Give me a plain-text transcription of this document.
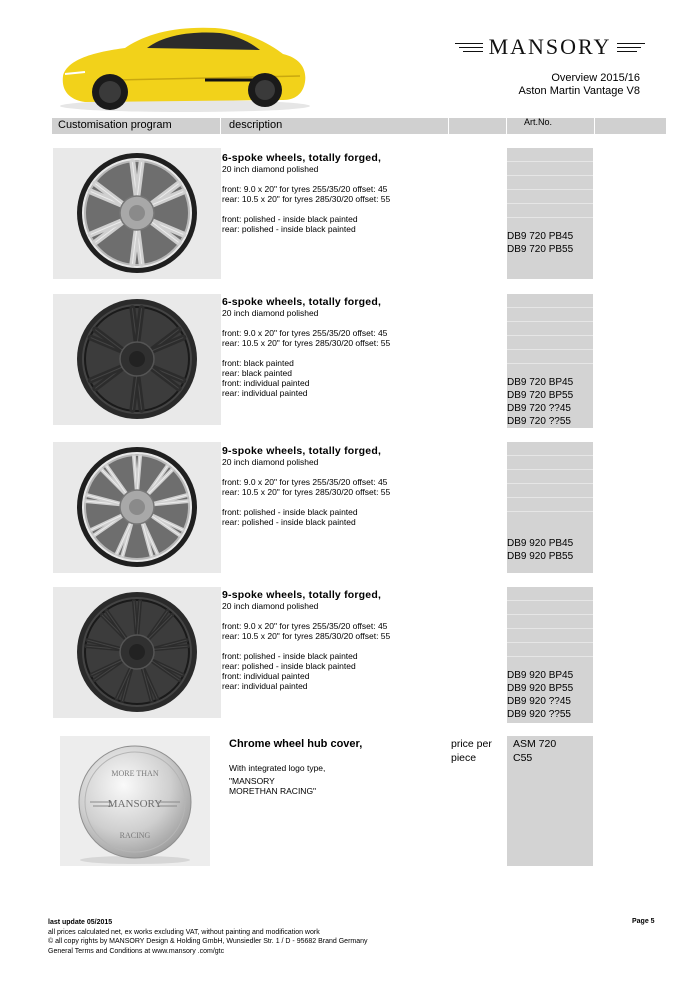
MANSORY
Overview 2015/16
Aston Martin Vantage V8
Customisation program	description	Art.No.
6-spoke wheels, totally forged,
20 inch diamond polished
front: 9.0 x 20" for tyres 255/35/20 offset: 45
rear: 10.5 x 20" for tyres 285/30/20 offset: 55
front: polished - inside black painted
rear: polished - inside black painted
DB9 720 PB45
DB9 720 PB55
6-spoke wheels, totally forged,
20 inch diamond polished
front: 9.0 x 20" for tyres 255/35/20 offset: 45
rear: 10.5 x 20" for tyres 285/30/20 offset: 55
front: black painted
rear: black painted
front: individual painted
rear: individual painted
DB9 720 BP45
DB9 720 BP55
DB9 720 ??45
DB9 720 ??55
9-spoke wheels, totally forged,
20 inch diamond polished
front: 9.0 x 20" for tyres 255/35/20 offset: 45
rear: 10.5 x 20" for tyres 285/30/20 offset: 55
front: polished - inside black painted
rear: polished - inside black painted
DB9 920 PB45
DB9 920 PB55
9-spoke wheels, totally forged,
20 inch diamond polished
front: 9.0 x 20" for tyres 255/35/20 offset: 45
rear: 10.5 x 20" for tyres 285/30/20 offset: 55
front: polished - inside black painted
rear: polished - inside black painted
front: individual painted
rear: individual painted
DB9 920 BP45
DB9 920 BP55
DB9 920 ??45
DB9 920 ??55
MORE THAN
MANSORY
RACING
Chrome wheel hub cover,
With integrated logo type,
"MANSORY
MORETHAN RACING"
price per
piece
ASM 720
C55
last update 05/2015
all prices calculated net, ex works excluding VAT, without painting and modification work
© all copy rights by MANSORY Design & Holding GmbH, Wunsiedler Str. 1 / D - 95682 Brand Germany
General Terms and Conditions at www.mansory .com/gtc
Page 5
